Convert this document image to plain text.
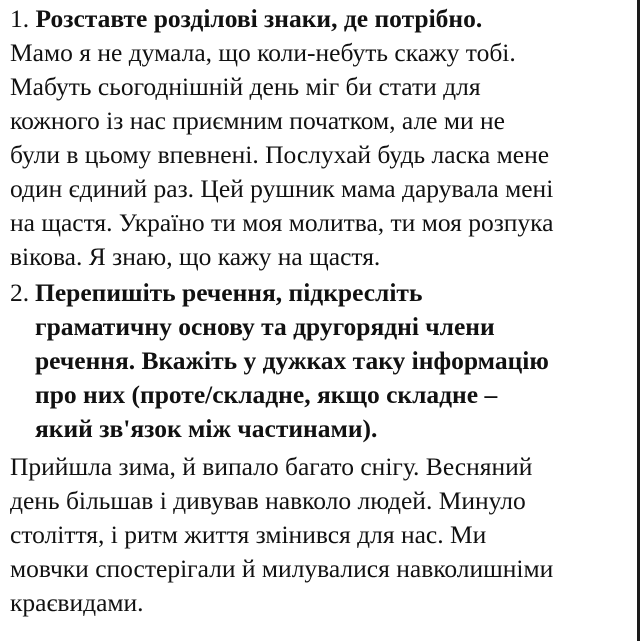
1. Розставте розділові знаки, де потрібно.
Мамо я не думала, що коли-небуть скажу тобі.
Мабуть сьогоднішній день міг би стати для
кожного із нас приємним початком, але ми не
були в цьому впевнені. Послухай будь ласка мене
один єдиний раз. Цей рушник мама дарувала мені
на щастя. Україно ти моя молитва, ти моя розпука
вікова. Я знаю, що кажу на щастя.
2. Перепишіть речення, підкресліть
граматичну основу та другорядні члени
речення. Вкажіть у дужках таку інформацію
про них (проте/складне, якщо складне –
який зв'язок між частинами).
Прийшла зима, й випало багато снігу. Весняний
день більшав і дивував навколо людей. Минуло
століття, і ритм життя змінився для нас. Ми
мовчки спостерігали й милувалися навколишніми
краєвидами.
